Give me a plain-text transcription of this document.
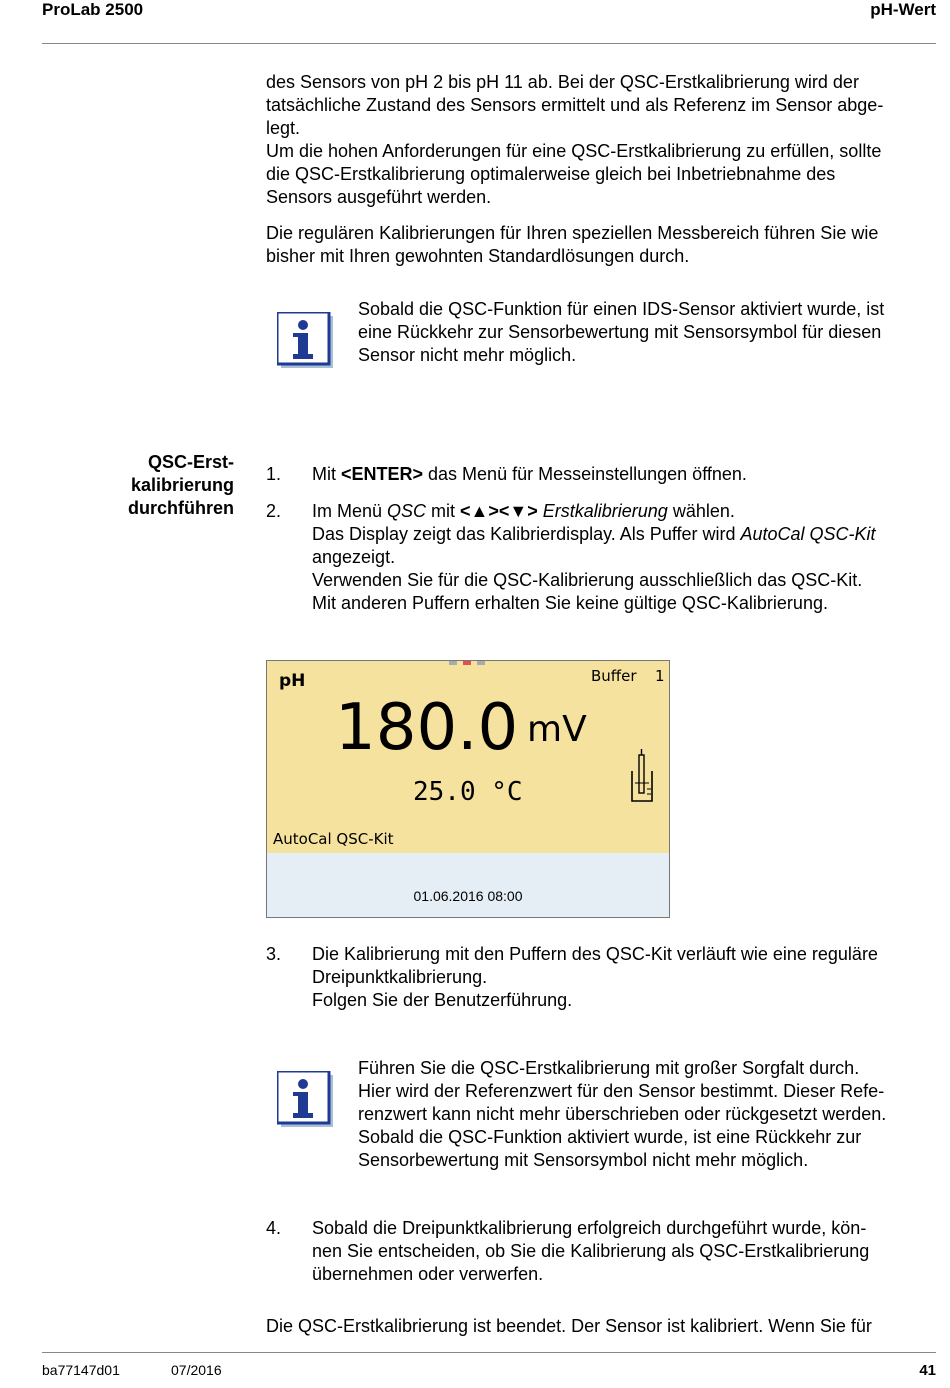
ProLab 2500	pH-Wert
des Sensors von pH 2 bis pH 11 ab. Bei der QSC-Erstkalibrierung wird der
tatsächliche Zustand des Sensors ermittelt und als Referenz im Sensor abge-
legt.
Um die hohen Anforderungen für eine QSC-Erstkalibrierung zu erfüllen, sollte
die QSC-Erstkalibrierung optimalerweise gleich bei Inbetriebnahme des
Sensors ausgeführt werden.
Die regulären Kalibrierungen für Ihren speziellen Messbereich führen Sie wie
bisher mit Ihren gewohnten Standardlösungen durch.
Sobald die QSC-Funktion für einen IDS-Sensor aktiviert wurde, ist
eine Rückkehr zur Sensorbewertung mit Sensorsymbol für diesen
Sensor nicht mehr möglich.
QSC-Erst-
kalibrierung
durchführen
1. Mit <ENTER> das Menü für Messeinstellungen öffnen.
2. Im Menü QSC mit <▲><▼> Erstkalibrierung wählen.
Das Display zeigt das Kalibrierdisplay. Als Puffer wird AutoCal QSC-Kit
angezeigt.
Verwenden Sie für die QSC-Kalibrierung ausschließlich das QSC-Kit.
Mit anderen Puffern erhalten Sie keine gültige QSC-Kalibrierung.
pH	Buffer 1
180.0 mV
25.0 °C
AutoCal QSC-Kit
01.06.2016 08:00
3. Die Kalibrierung mit den Puffern des QSC-Kit verläuft wie eine reguläre
Dreipunktkalibrierung.
Folgen Sie der Benutzerführung.
Führen Sie die QSC-Erstkalibrierung mit großer Sorgfalt durch.
Hier wird der Referenzwert für den Sensor bestimmt. Dieser Refe-
renzwert kann nicht mehr überschrieben oder rückgesetzt werden.
Sobald die QSC-Funktion aktiviert wurde, ist eine Rückkehr zur
Sensorbewertung mit Sensorsymbol nicht mehr möglich.
4. Sobald die Dreipunktkalibrierung erfolgreich durchgeführt wurde, kön-
nen Sie entscheiden, ob Sie die Kalibrierung als QSC-Erstkalibrierung
übernehmen oder verwerfen.
Die QSC-Erstkalibrierung ist beendet. Der Sensor ist kalibriert. Wenn Sie für
ba77147d01	07/2016	41
